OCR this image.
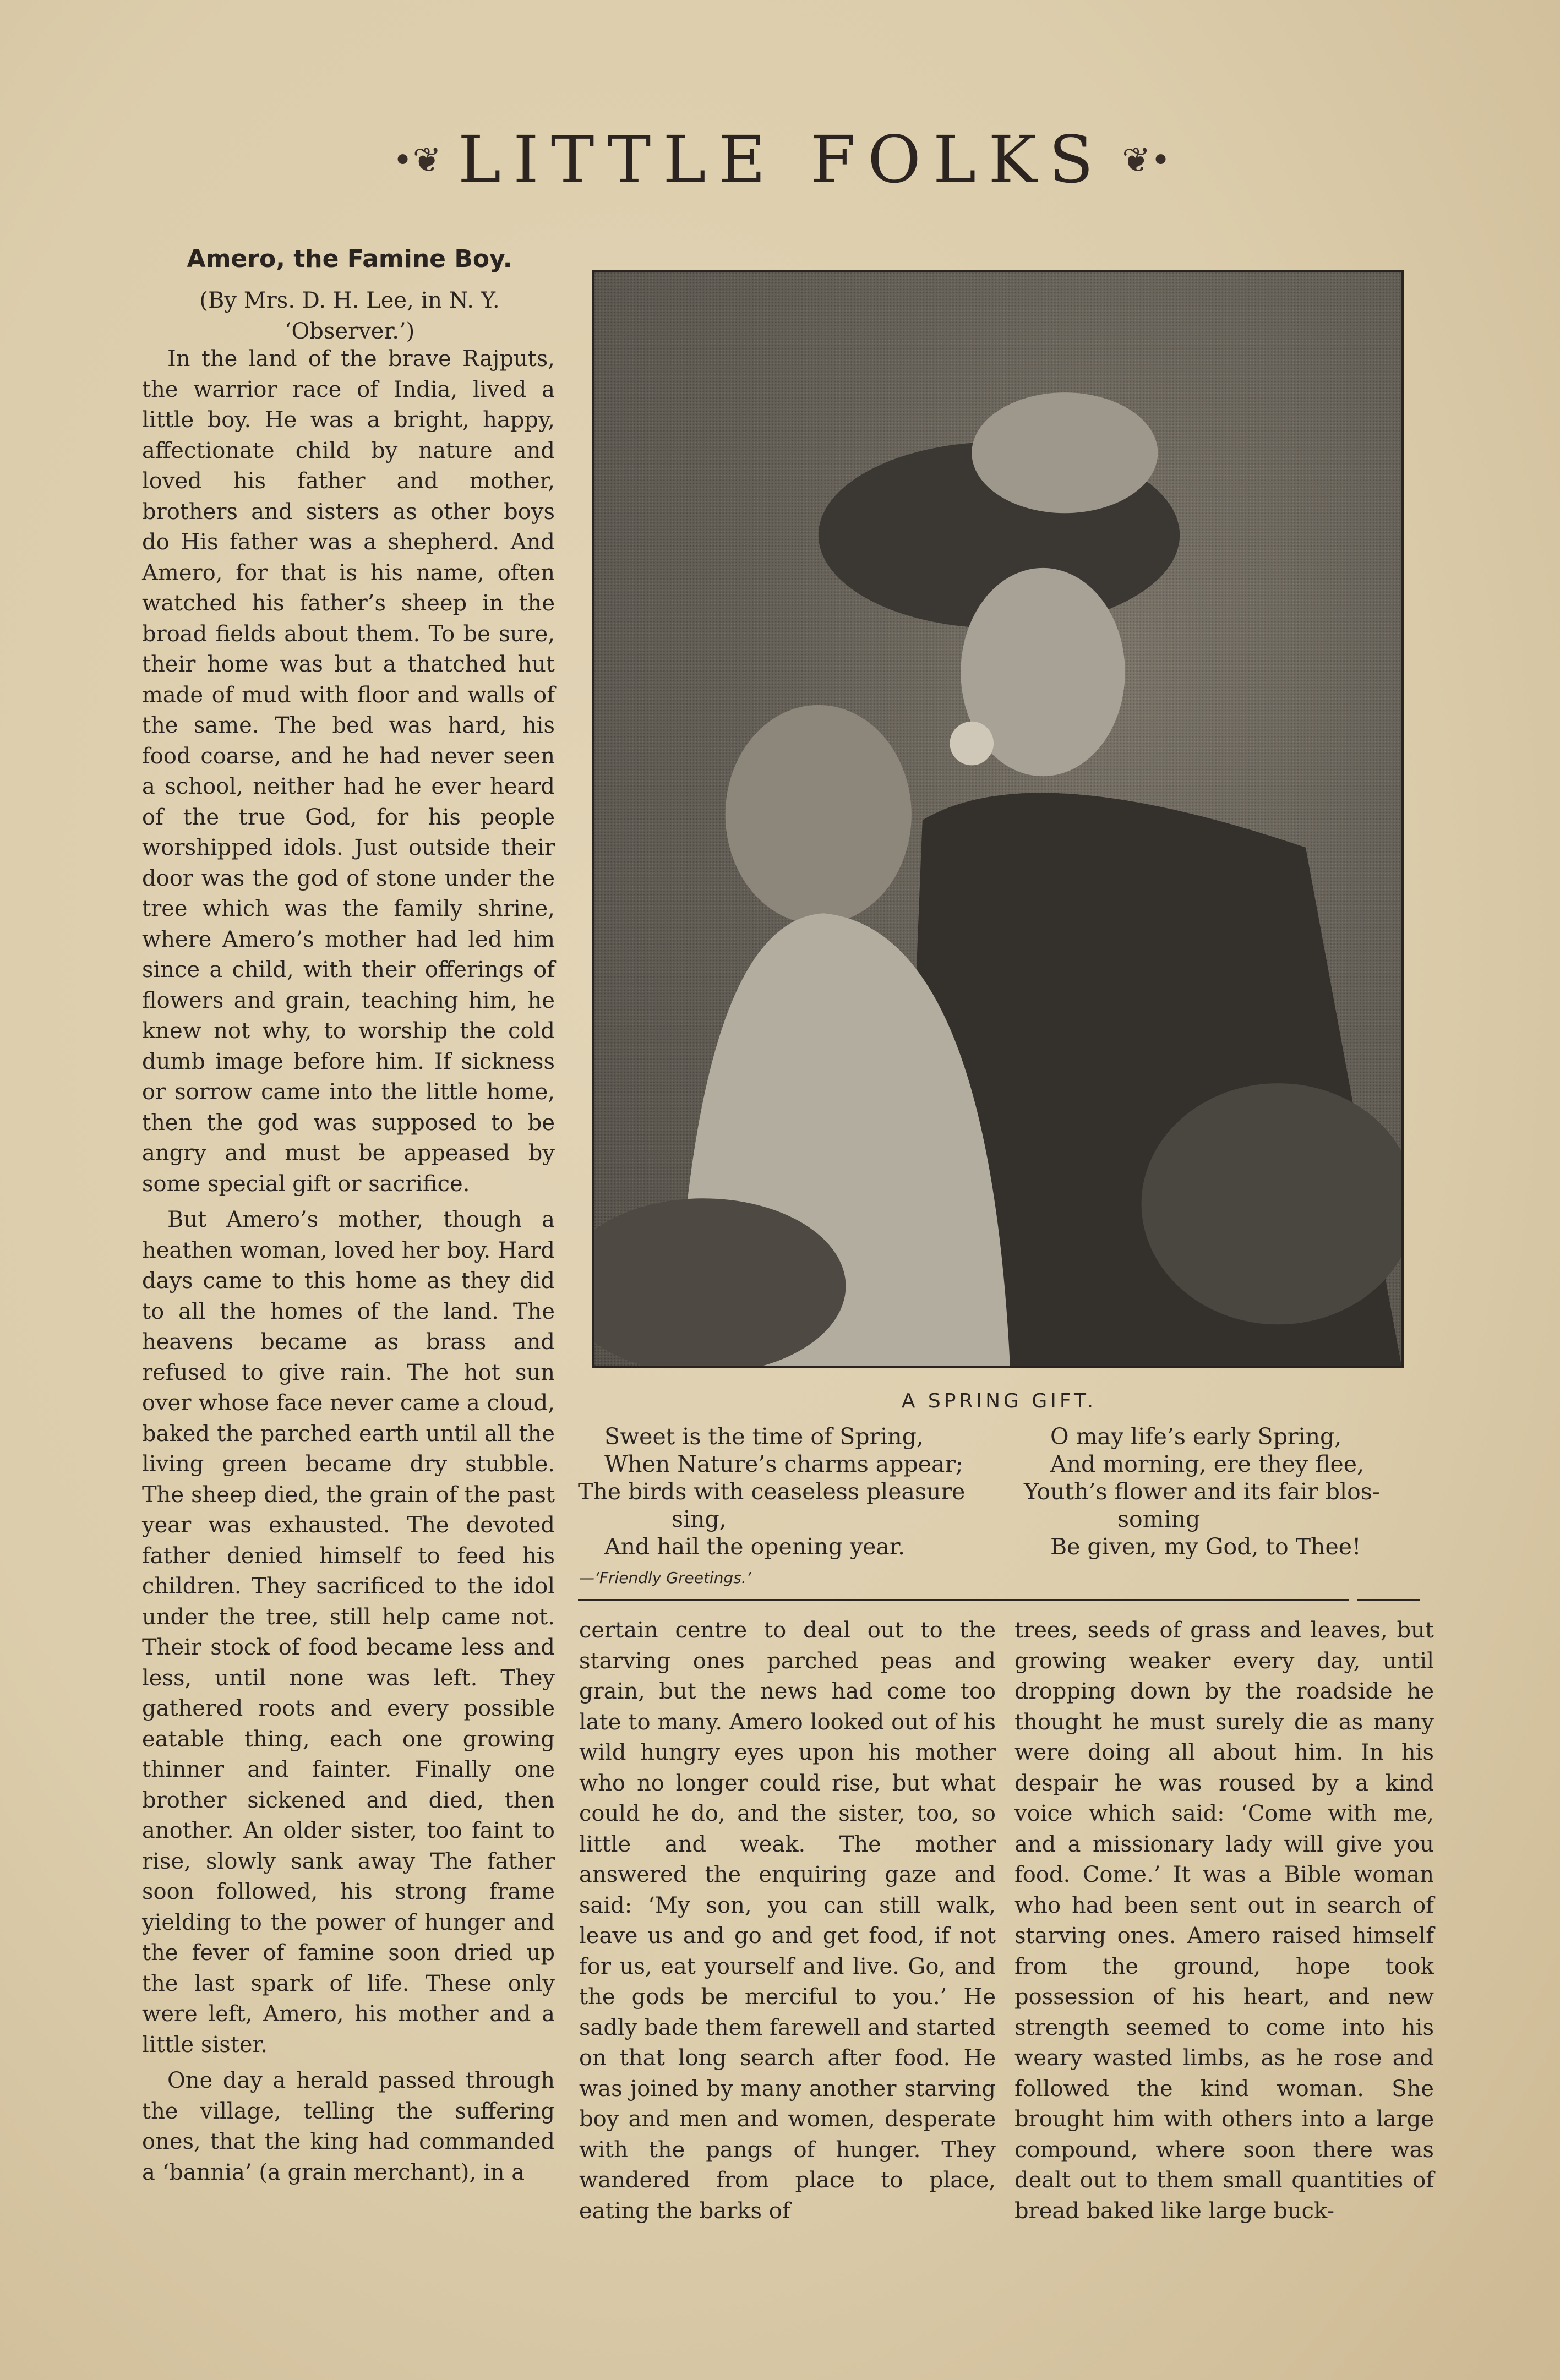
•❦ LITTLE FOLKS ❦•
Amero, the Famine Boy.
(By Mrs. D. H. Lee, in N. Y. ‘Observer.’)

In the land of the brave Rajputs, the warrior race of India, lived a little boy. He was a bright, happy, affectionate child by nature and loved his father and mother, brothers and sisters as other boys do His father was a shepherd. And Amero, for that is his name, often watched his father’s sheep in the broad fields about them. To be sure, their home was but a thatched hut made of mud with floor and walls of the same. The bed was hard, his food coarse, and he had never seen a school, neither had he ever heard of the true God, for his people worshipped idols. Just outside their door was the god of stone under the tree which was the family shrine, where Amero’s mother had led him since a child, with their offerings of flowers and grain, teaching him, he knew not why, to worship the cold dumb image before him. If sickness or sorrow came into the little home, then the god was supposed to be angry and must be appeased by some special gift or sacrifice.

But Amero’s mother, though a heathen woman, loved her boy. Hard days came to this home as they did to all the homes of the land. The heavens became as brass and refused to give rain. The hot sun over whose face never came a cloud, baked the parched earth until all the living green became dry stubble. The sheep died, the grain of the past year was exhausted. The devoted father denied himself to feed his children. They sacrificed to the idol under the tree, still help came not. Their stock of food became less and less, until none was left. They gathered roots and every possible eatable thing, each one growing thinner and fainter. Finally one brother sickened and died, then another. An older sister, too faint to rise, slowly sank away The father soon followed, his strong frame yielding to the power of hunger and the fever of famine soon dried up the last spark of life. These only were left, Amero, his mother and a little sister.

One day a herald passed through the village, telling the suffering ones, that the king had commanded a ‘bannia’ (a grain merchant), in a

A SPRING GIFT.
Sweet is the time of Spring,
When Nature’s charms appear;
The birds with ceaseless pleasure
sing,
And hail the opening year.
O may life’s early Spring,
And morning, ere they flee,
Youth’s flower and its fair blos-
soming
Be given, my God, to Thee!
—‘Friendly Greetings.’

certain centre to deal out to the starving ones parched peas and grain, but the news had come too late to many. Amero looked out of his wild hungry eyes upon his mother who no longer could rise, but what could he do, and the sister, too, so little and weak. The mother answered the enquiring gaze and said: ‘My son, you can still walk, leave us and go and get food, if not for us, eat yourself and live. Go, and the gods be merciful to you.’ He sadly bade them farewell and started on that long search after food. He was joined by many another starving boy and men and women, desperate with the pangs of hunger. They wandered from place to place, eating the barks of

trees, seeds of grass and leaves, but growing weaker every day, until dropping down by the roadside he thought he must surely die as many were doing all about him. In his despair he was roused by a kind voice which said: ‘Come with me, and a missionary lady will give you food. Come.’ It was a Bible woman who had been sent out in search of starving ones. Amero raised himself from the ground, hope took possession of his heart, and new strength seemed to come into his weary wasted limbs, as he rose and followed the kind woman. She brought him with others into a large compound, where soon there was dealt out to them small quantities of bread baked like large buck-
